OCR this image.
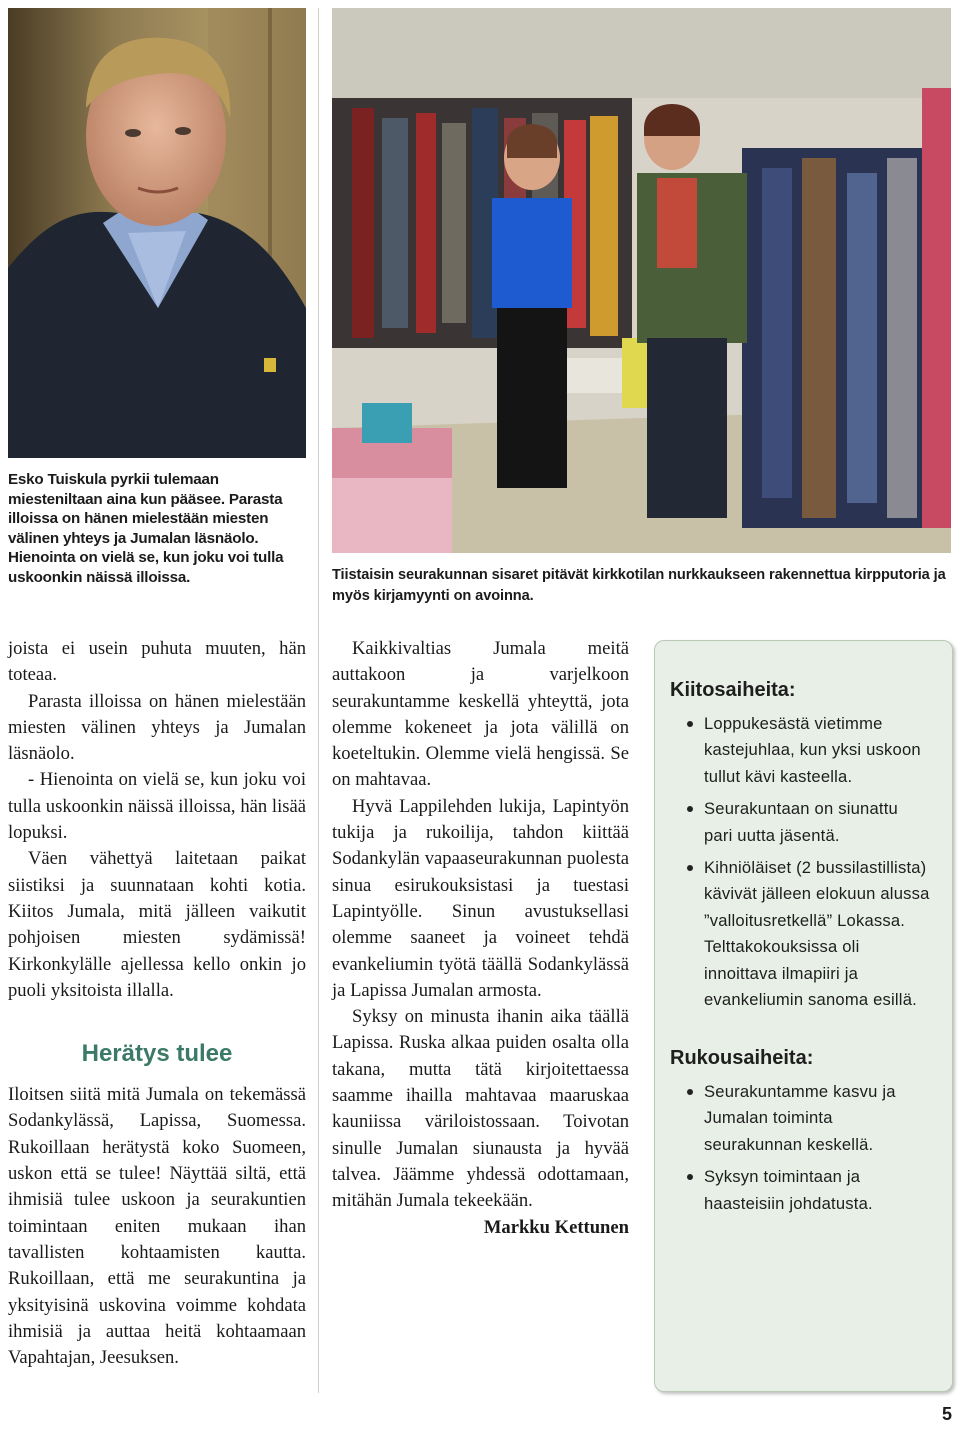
Esko Tuiskula pyrkii tulemaan miesteniltaan aina kun pääsee. Parasta illoissa on hänen mielestään miesten välinen yhteys ja Jumalan läsnäolo. Hienointa on vielä se, kun joku voi tulla uskoonkin näissä illoissa.	Tiistaisin seurakunnan sisaret pitävät kirkkotilan nurkkaukseen rakennettua kirpputoria ja myös kirjamyynti on avoinna.

joista ei usein puhuta muuten, hän toteaa.

Parasta illoissa on hänen mielestään miesten välinen yhteys ja Jumalan läsnäolo.

- Hienointa on vielä se, kun joku voi tulla uskoonkin näissä illoissa, hän lisää lopuksi.

Väen vähettyä laitetaan paikat siistiksi ja suunnataan kohti kotia. Kiitos Jumala, mitä jälleen vaikutit pohjoisen miesten sydämissä! Kirkonkylälle ajellessa kello onkin jo puoli yksitoista illalla.

Herätys tulee

Iloitsen siitä mitä Jumala on tekemässä Sodankylässä, Lapissa, Suomessa. Rukoillaan herätystä koko Suomeen, uskon että se tulee! Näyttää siltä, että ihmisiä tulee uskoon ja seurakuntien toimintaan eniten mukaan ihan tavallisten kohtaamisten kautta. Rukoillaan, että me seurakuntina ja yksityisinä uskovina voimme kohdata ihmisiä ja auttaa heitä kohtaamaan Vapahtajan, Jeesuksen.

Kaikkivaltias Jumala meitä auttakoon ja varjelkoon seurakuntamme keskellä yhteyttä, jota olemme kokeneet ja jota välillä on koeteltukin. Olemme vielä hengissä. Se on mahtavaa.

Hyvä Lappilehden lukija, Lapintyön tukija ja rukoilija, tahdon kiittää Sodankylän vapaaseurakunnan puolesta sinua esirukouksistasi ja tuestasi Lapintyölle. Sinun avustuksellasi olemme saaneet ja voineet tehdä evankeliumin työtä täällä Sodankylässä ja Lapissa Jumalan armosta.

Syksy on minusta ihanin aika täällä Lapissa. Ruska alkaa puiden osalta olla takana, mutta tätä kirjoitettaessa saamme ihailla mahtavaa maaruskaa kauniissa väriloistossaan. Toivotan sinulle Jumalan siunausta ja hyvää talvea. Jäämme yhdessä odottamaan, mitähän Jumala tekeekään.

Markku Kettunen

Kiitosaiheita:
Loppukesästä vietimme kastejuhlaa, kun yksi uskoon tullut kävi kasteella.
Seurakuntaan on siunattu pari uutta jäsentä.
Kihniöläiset (2 bussilastillista) kävivät jälleen elokuun alussa ”valloitusretkellä” Lokassa. Telttakokouksissa oli innoittava ilmapiiri ja evankeliumin sanoma esillä.
Rukousaiheita:
Seurakuntamme kasvu ja Jumalan toiminta seurakunnan keskellä.
Syksyn toimintaan ja haasteisiin johdatusta.
5
